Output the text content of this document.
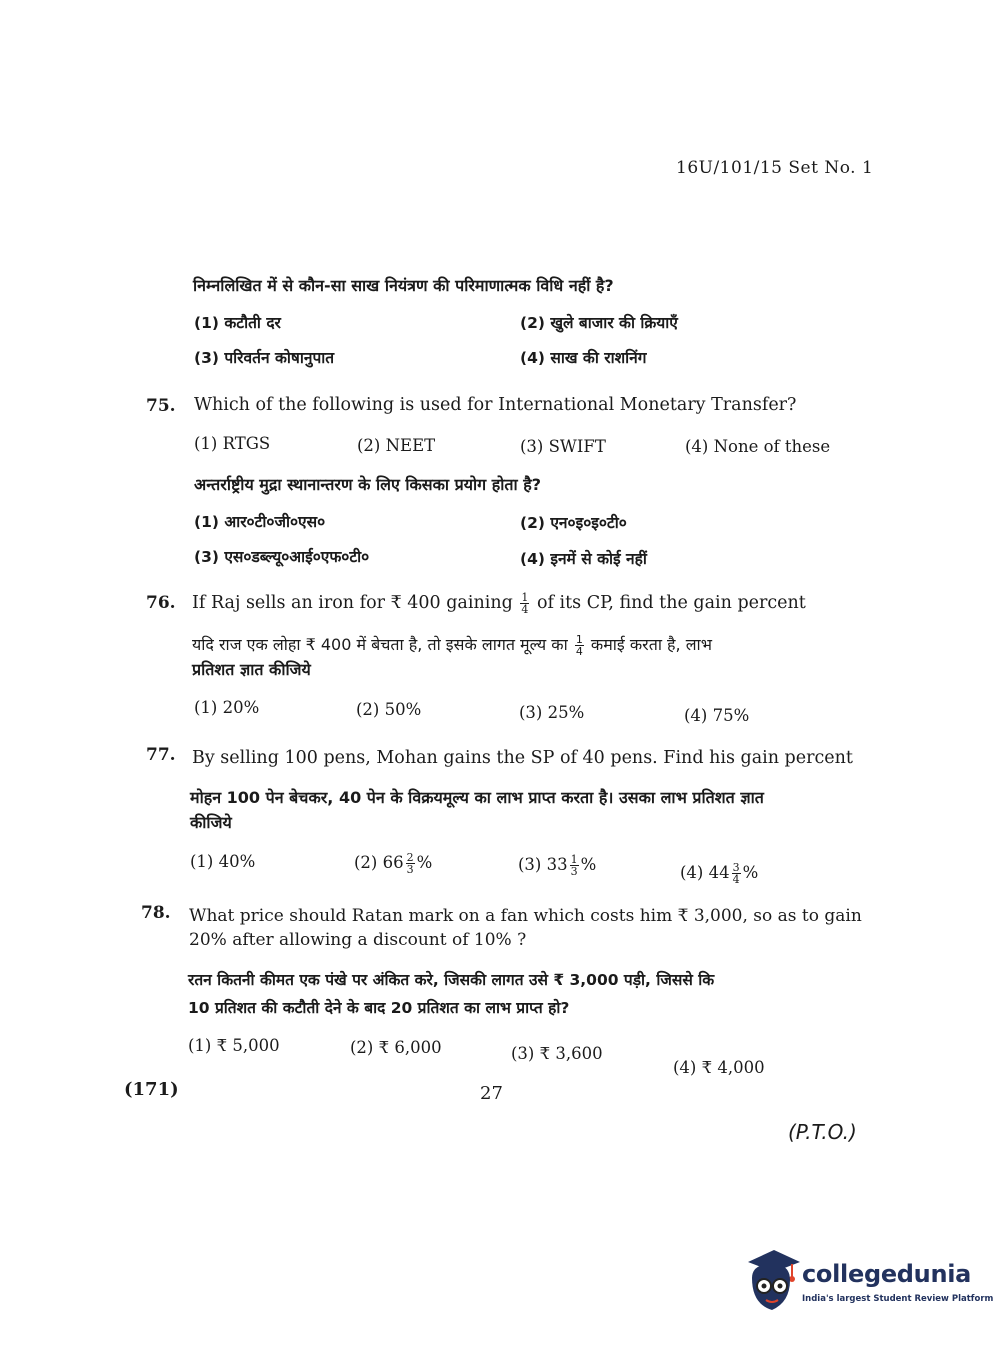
16U/101/15 Set No. 1
निम्नलिखित में से कौन-सा साख नियंत्रण की परिमाणात्मक विधि नहीं है?
(1) कटौती दर	(2) खुले बाजार की क्रियाएँ
(3) परिवर्तन कोषानुपात	(4) साख की राशनिंग
75. Which of the following is used for International Monetary Transfer?
(1) RTGS	(2) NEET	(3) SWIFT	(4) None of these
अन्तर्राष्ट्रीय मुद्रा स्थानान्तरण के लिए किसका प्रयोग होता है?
(1) आर०टी०जी०एस०	(2) एन०इ०इ०टी०
(3) एस०डब्ल्यू०आई०एफ०टी०	(4) इनमें से कोई नहीं
76. If Raj sells an iron for ₹ 400 gaining $\frac{1}{4}$ of its CP, find the gain percent
यदि राज एक लोहा ₹ 400 में बेचता है, तो इसके लागत मूल्य का $\frac{1}{4}$ कमाई करता है, लाभ
प्रतिशत ज्ञात कीजिये
(1) 20%	(2) 50%	(3) 25%	(4) 75%
77. By selling 100 pens, Mohan gains the SP of 40 pens. Find his gain percent
मोहन 100 पेन बेचकर, 40 पेन के विक्रयमूल्य का लाभ प्राप्त करता है। उसका लाभ प्रतिशत ज्ञात
कीजिये
(1) 40%	(2) $66 \frac{2}{3}$ %	(3) $33 \frac{1}{3}$ %	(4) $44 \frac{3}{4}$ %
78. What price should Ratan mark on a fan which costs him ₹ 3,000, so as to gain
20% after allowing a discount of 10% ?
रतन कितनी कीमत एक पंखे पर अंकित करे, जिसकी लागत उसे ₹ 3,000 पड़ी, जिससे कि
10 प्रतिशत की कटौती देने के बाद 20 प्रतिशत का लाभ प्राप्त हो?
(1) ₹ 5,000	(2) ₹ 6,000	(3) ₹ 3,600
(4) ₹ 4,000
(171)	27
(P.T.O.)
collegedunia
India's largest Student Review Platform
